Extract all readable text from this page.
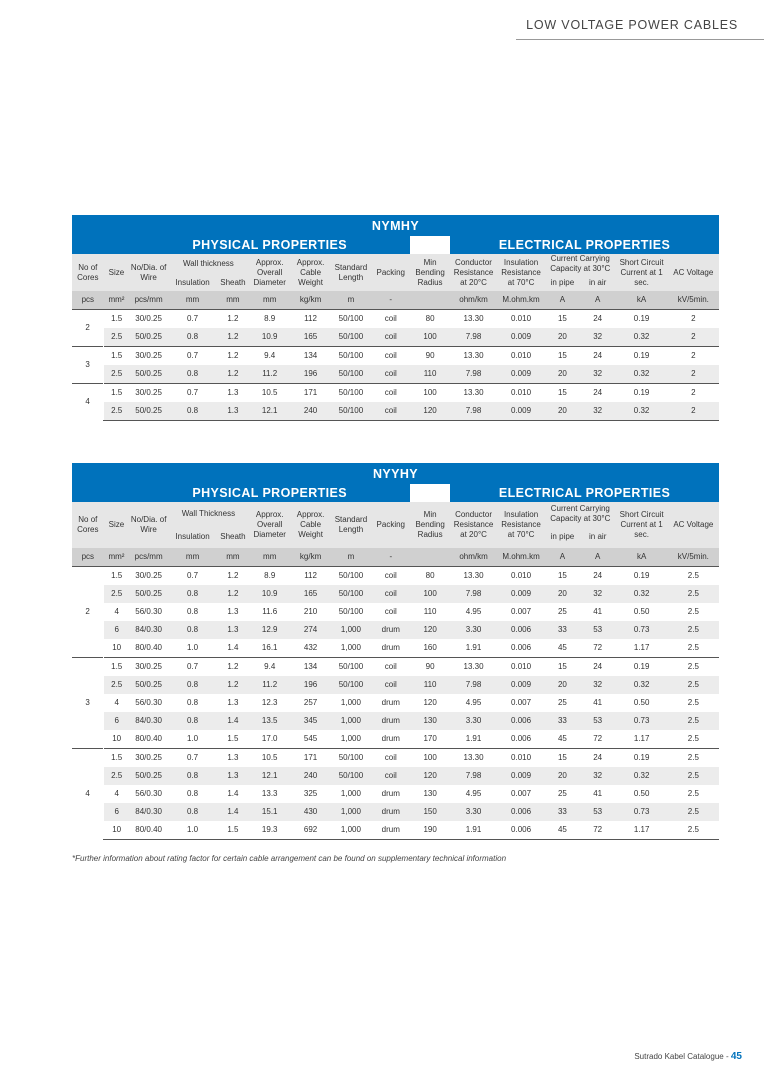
LOW VOLTAGE POWER CABLES
NYMHY															
		PHYSICAL PROPERTIES								ELECTRICAL PROPERTIES					
No of Cores	Size	No/Dia. of Wire	Wall thickness		Approx. Overall Diameter	Approx. Cable Weight	Standard Length	Packing	Min Bending Radius	Conductor Resistance at 20°C	Insulation Resistance at 70°C	Current Carrying Capacity at 30°C		Short Circuit Current at 1 sec.	AC Voltage
			Insulation	Sheath								in pipe	in air		
pcs	mm²	pcs/mm	mm	mm	mm	kg/km	m	-		ohm/km	M.ohm.km	A	A	kA	kV/5min.
2	1.5	30/0.25	0.7	1.2	8.9	112	50/100	coil	80	13.30	0.010	15	24	0.19	2
	2.5	50/0.25	0.8	1.2	10.9	165	50/100	coil	100	7.98	0.009	20	32	0.32	2
3	1.5	30/0.25	0.7	1.2	9.4	134	50/100	coil	90	13.30	0.010	15	24	0.19	2
	2.5	50/0.25	0.8	1.2	11.2	196	50/100	coil	110	7.98	0.009	20	32	0.32	2
4	1.5	30/0.25	0.7	1.3	10.5	171	50/100	coil	100	13.30	0.010	15	24	0.19	2
	2.5	50/0.25	0.8	1.3	12.1	240	50/100	coil	120	7.98	0.009	20	32	0.32	2
NYYHY															
		PHYSICAL PROPERTIES								ELECTRICAL PROPERTIES					
No of Cores	Size	No/Dia. of Wire	Wall Thickness		Approx. Overall Diameter	Approx. Cable Weight	Standard Length	Packing	Min Bending Radius	Conductor Resistance at 20°C	Insulation Resistance at 70°C	Current Carrying Capacity at 30°C		Short Circuit Current at 1 sec.	AC Voltage
			Insulation	Sheath								in pipe	in air		
pcs	mm²	pcs/mm	mm	mm	mm	kg/km	m	-		ohm/km	M.ohm.km	A	A	kA	kV/5min.
2	1.5	30/0.25	0.7	1.2	8.9	112	50/100	coil	80	13.30	0.010	15	24	0.19	2.5
	2.5	50/0.25	0.8	1.2	10.9	165	50/100	coil	100	7.98	0.009	20	32	0.32	2.5
	4	56/0.30	0.8	1.3	11.6	210	50/100	coil	110	4.95	0.007	25	41	0.50	2.5
	6	84/0.30	0.8	1.3	12.9	274	1,000	drum	120	3.30	0.006	33	53	0.73	2.5
	10	80/0.40	1.0	1.4	16.1	432	1,000	drum	160	1.91	0.006	45	72	1.17	2.5
3	1.5	30/0.25	0.7	1.2	9.4	134	50/100	coil	90	13.30	0.010	15	24	0.19	2.5
	2.5	50/0.25	0.8	1.2	11.2	196	50/100	coil	110	7.98	0.009	20	32	0.32	2.5
	4	56/0.30	0.8	1.3	12.3	257	1,000	drum	120	4.95	0.007	25	41	0.50	2.5
	6	84/0.30	0.8	1.4	13.5	345	1,000	drum	130	3.30	0.006	33	53	0.73	2.5
	10	80/0.40	1.0	1.5	17.0	545	1,000	drum	170	1.91	0.006	45	72	1.17	2.5
4	1.5	30/0.25	0.7	1.3	10.5	171	50/100	coil	100	13.30	0.010	15	24	0.19	2.5
	2.5	50/0.25	0.8	1.3	12.1	240	50/100	coil	120	7.98	0.009	20	32	0.32	2.5
	4	56/0.30	0.8	1.4	13.3	325	1,000	drum	130	4.95	0.007	25	41	0.50	2.5
	6	84/0.30	0.8	1.4	15.1	430	1,000	drum	150	3.30	0.006	33	53	0.73	2.5
	10	80/0.40	1.0	1.5	19.3	692	1,000	drum	190	1.91	0.006	45	72	1.17	2.5
*Further information about rating factor for certain cable arrangement can be found on supplementary technical information
Sutrado Kabel Catalogue - 45
